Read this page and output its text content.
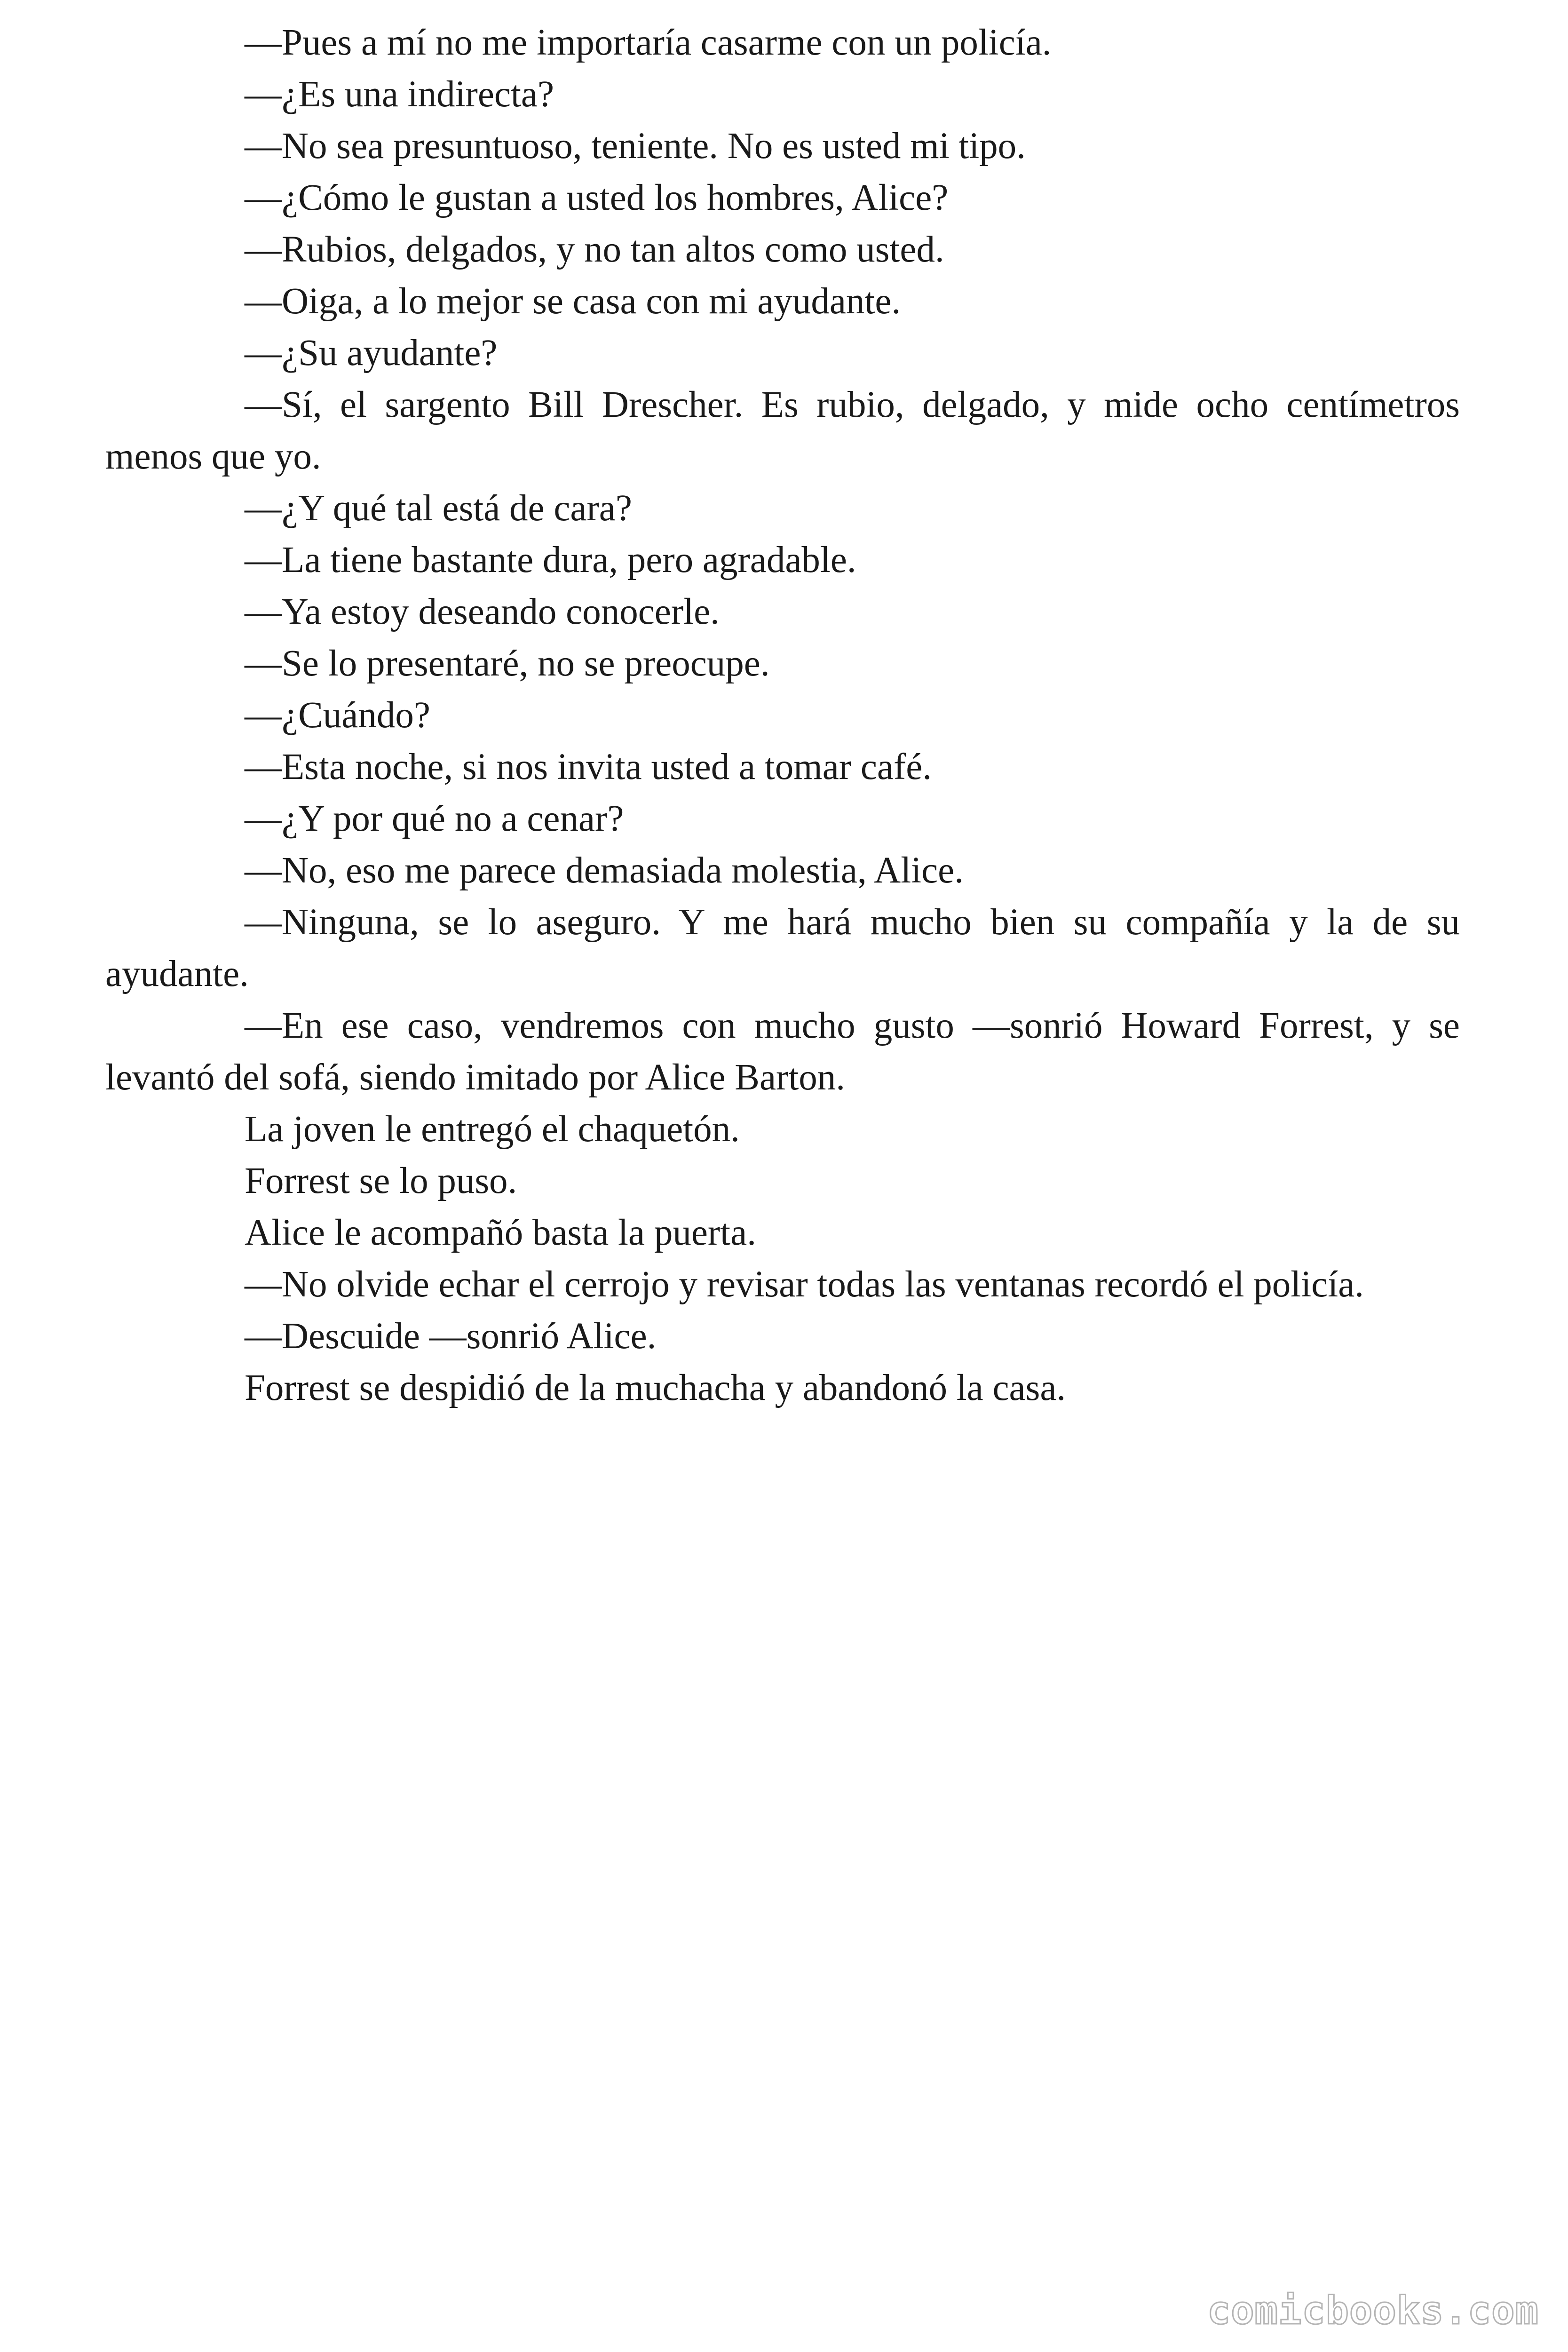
—Pues a mí no me importaría casarme con un policía.

—¿Es una indirecta?

—No sea presuntuoso, teniente. No es usted mi tipo.

—¿Cómo le gustan a usted los hombres, Alice?

—Rubios, delgados, y no tan altos como usted.

—Oiga, a lo mejor se casa con mi ayudante.

—¿Su ayudante?

—Sí, el sargento Bill Drescher. Es rubio, delgado, y mide ocho centímetros menos que yo.

—¿Y qué tal está de cara?

—La tiene bastante dura, pero agradable.

—Ya estoy deseando conocerle.

—Se lo presentaré, no se preocupe.

—¿Cuándo?

—Esta noche, si nos invita usted a tomar café.

—¿Y por qué no a cenar?

—No, eso me parece demasiada molestia, Alice.

—Ninguna, se lo aseguro. Y me hará mucho bien su compañía y la de su ayudante.

—En ese caso, vendremos con mucho gusto —sonrió Howard Forrest, y se levantó del sofá, siendo imitado por Alice Barton.

La joven le entregó el chaquetón.

Forrest se lo puso.

Alice le acompañó basta la puerta.

—No olvide echar el cerrojo y revisar todas las ventanas recordó el policía.

—Descuide —sonrió Alice.

Forrest se despidió de la muchacha y abandonó la casa.

comicbooks.com
